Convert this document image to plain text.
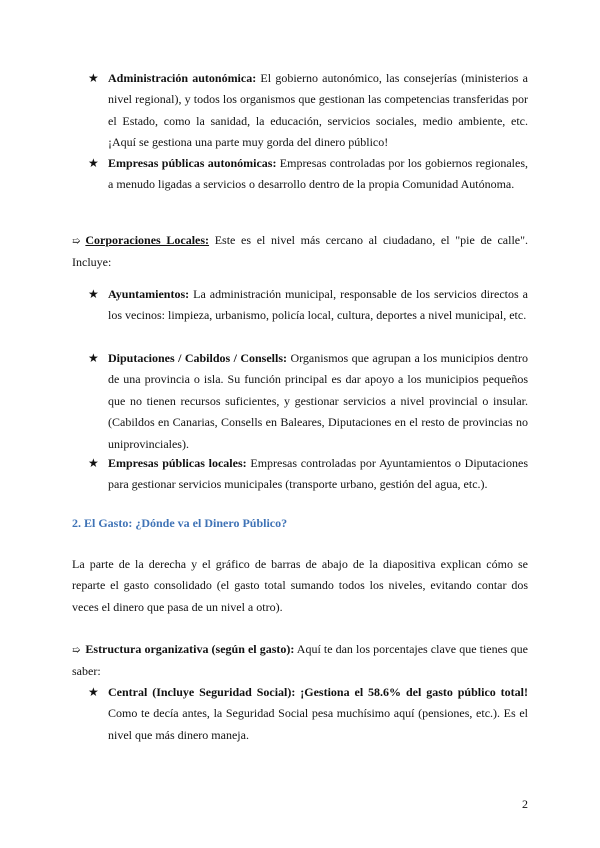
★ Administración autonómica: El gobierno autonómico, las consejerías (ministerios a nivel regional), y todos los organismos que gestionan las competencias transferidas por el Estado, como la sanidad, la educación, servicios sociales, medio ambiente, etc. ¡Aquí se gestiona una parte muy gorda del dinero público!
★ Empresas públicas autonómicas: Empresas controladas por los gobiernos regionales, a menudo ligadas a servicios o desarrollo dentro de la propia Comunidad Autónoma.
➯ Corporaciones Locales: Este es el nivel más cercano al ciudadano, el "pie de calle". Incluye:
★ Ayuntamientos: La administración municipal, responsable de los servicios directos a los vecinos: limpieza, urbanismo, policía local, cultura, deportes a nivel municipal, etc.
★ Diputaciones / Cabildos / Consells: Organismos que agrupan a los municipios dentro de una provincia o isla. Su función principal es dar apoyo a los municipios pequeños que no tienen recursos suficientes, y gestionar servicios a nivel provincial o insular. (Cabildos en Canarias, Consells en Baleares, Diputaciones en el resto de provincias no uniprovinciales).
★ Empresas públicas locales: Empresas controladas por Ayuntamientos o Diputaciones para gestionar servicios municipales (transporte urbano, gestión del agua, etc.).
2. El Gasto: ¿Dónde va el Dinero Público?
La parte de la derecha y el gráfico de barras de abajo de la diapositiva explican cómo se reparte el gasto consolidado (el gasto total sumando todos los niveles, evitando contar dos veces el dinero que pasa de un nivel a otro).
➯ Estructura organizativa (según el gasto): Aquí te dan los porcentajes clave que tienes que saber:
★ Central (Incluye Seguridad Social): ¡Gestiona el 58.6% del gasto público total! Como te decía antes, la Seguridad Social pesa muchísimo aquí (pensiones, etc.). Es el nivel que más dinero maneja.
2
